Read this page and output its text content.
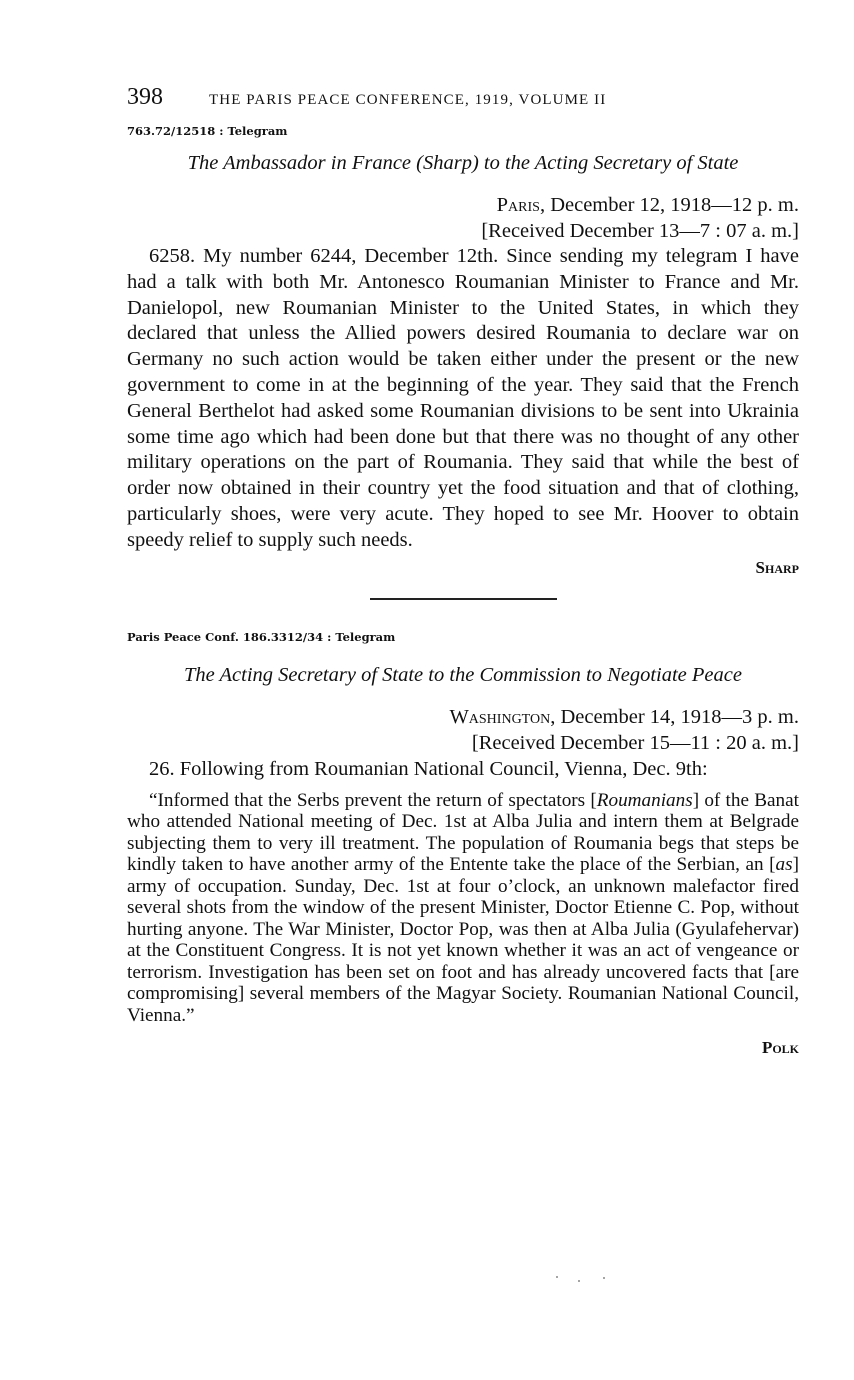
398	THE PARIS PEACE CONFERENCE, 1919, VOLUME II
763.72/12518 : Telegram
The Ambassador in France (Sharp) to the Acting Secretary of State
Paris, December 12, 1918—12 p. m.
[Received December 13—7 : 07 a. m.]

6258. My number 6244, December 12th. Since sending my telegram I have had a talk with both Mr. Antonesco Roumanian Minister to France and Mr. Danielopol, new Roumanian Minister to the United States, in which they declared that unless the Allied powers desired Roumania to declare war on Germany no such action would be taken either under the present or the new government to come in at the beginning of the year. They said that the French General Berthelot had asked some Roumanian divisions to be sent into Ukrainia some time ago which had been done but that there was no thought of any other military operations on the part of Roumania. They said that while the best of order now obtained in their country yet the food situation and that of clothing, particularly shoes, were very acute. They hoped to see Mr. Hoover to obtain speedy relief to supply such needs.

Sharp
Paris Peace Conf. 186.3312/34 : Telegram
The Acting Secretary of State to the Commission to Negotiate Peace
Washington, December 14, 1918—3 p. m.
[Received December 15—11 : 20 a. m.]

26. Following from Roumanian National Council, Vienna, Dec. 9th:

“Informed that the Serbs prevent the return of spectators [Roumanians] of the Banat who attended National meeting of Dec. 1st at Alba Julia and intern them at Belgrade subjecting them to very ill treatment. The population of Roumania begs that steps be kindly taken to have another army of the Entente take the place of the Serbian, an [as] army of occupation. Sunday, Dec. 1st at four o’clock, an unknown malefactor fired several shots from the window of the present Minister, Doctor Etienne C. Pop, without hurting anyone. The War Minister, Doctor Pop, was then at Alba Julia (Gyulafehervar) at the Constituent Congress. It is not yet known whether it was an act of vengeance or terrorism. Investigation has been set on foot and has already uncovered facts that [are compromising] several members of the Magyar Society. Roumanian National Council, Vienna.”

Polk
